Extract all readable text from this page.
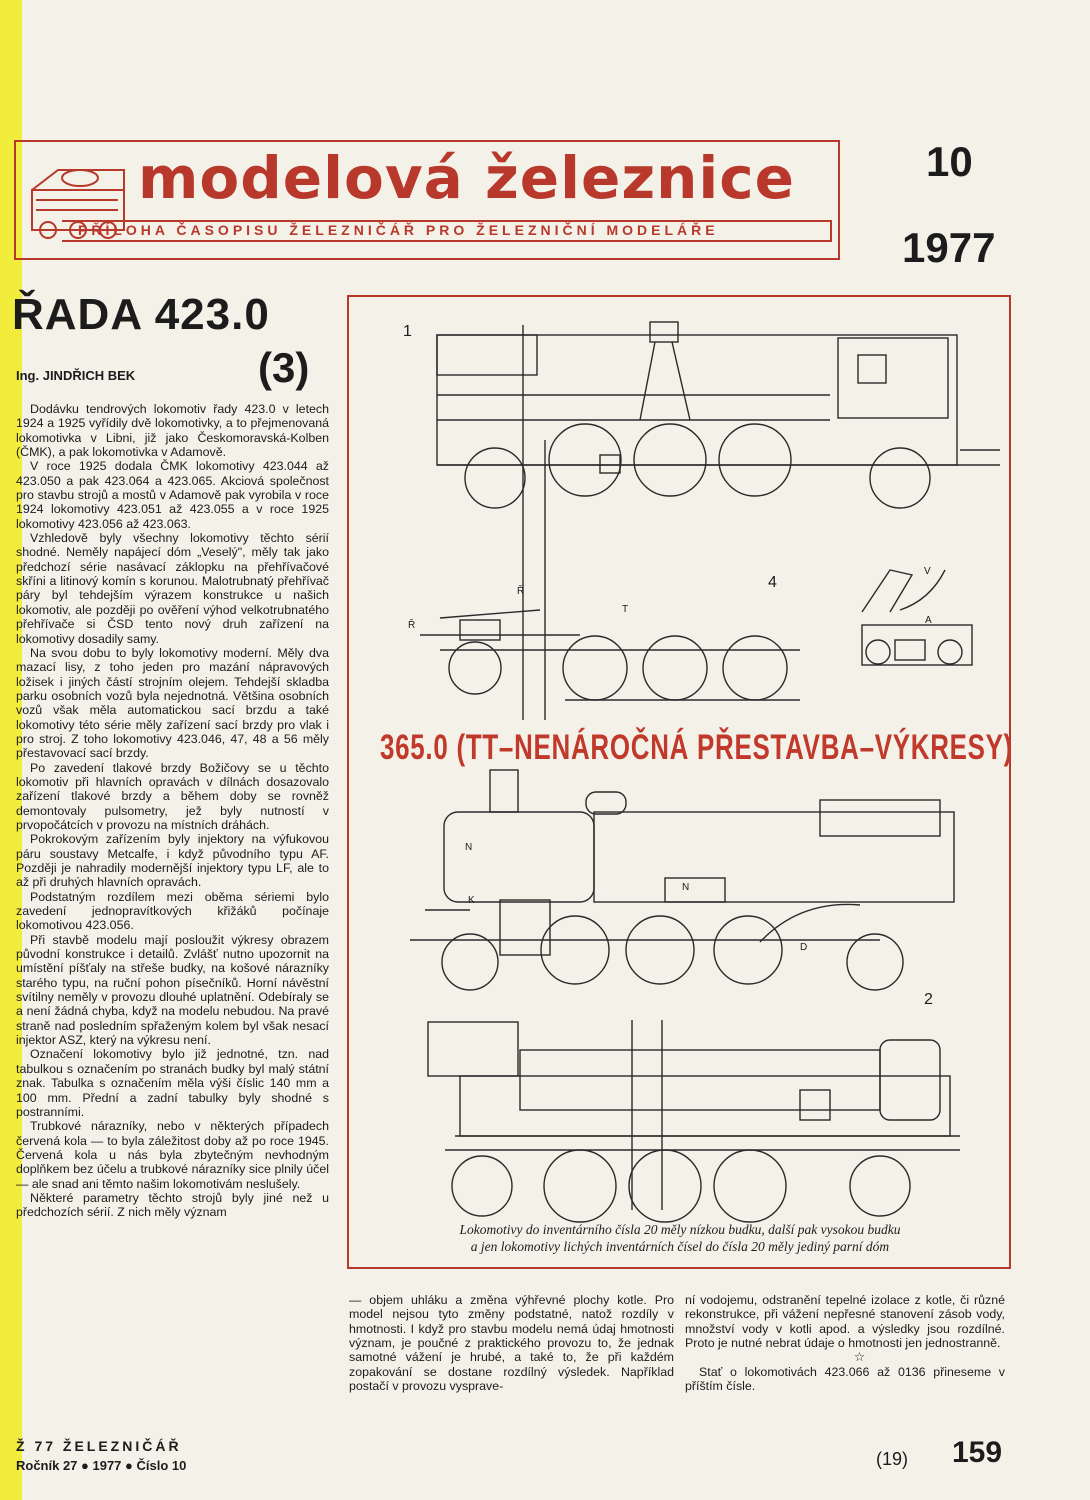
modelová železnice
PŘÍLOHA ČASOPISU ŽELEZNIČÁŘ PRO ŽELEZNIČNÍ MODELÁŘE
10
1977
ŘADA 423.0
(3)
Ing. JINDŘICH BEK

Dodávku tendrových lokomotiv řady 423.0 v letech 1924 a 1925 vyřídily dvě lokomotivky, a to přejmenovaná lokomotivka v Libni, již jako Českomoravská-Kolben (ČMK), a pak lokomotivka v Adamově.

V roce 1925 dodala ČMK lokomotivy 423.044 až 423.050 a pak 423.064 a 423.065. Akciová společnost pro stavbu strojů a mostů v Adamově pak vyrobila v roce 1924 lokomotivy 423.051 až 423.055 a v roce 1925 lokomotivy 423.056 až 423.063.

Vzhledově byly všechny lokomotivy těchto sérií shodné. Neměly napájecí dóm „Veselý", měly tak jako předchozí série nasávací záklopku na přehřívačové skříni a litinový komín s korunou. Malotrubnatý přehřívač páry byl tehdejším výrazem konstrukce u našich lokomotiv, ale později po ověření výhod velkotrubnatého přehřívače si ČSD tento nový druh zařízení na lokomotivy dosadily samy.

Na svou dobu to byly lokomotivy moderní. Měly dva mazací lisy, z toho jeden pro mazání nápravových ložisek i jiných částí strojním olejem. Tehdejší skladba parku osobních vozů byla nejednotná. Většina osobních vozů však měla automatickou sací brzdu a také lokomotivy této série měly zařízení sací brzdy pro vlak i pro stroj. Z toho lokomotivy 423.046, 47, 48 a 56 měly přestavovací sací brzdy.

Po zavedení tlakové brzdy Božičovy se u těchto lokomotiv při hlavních opravách v dílnách dosazovalo zařízení tlakové brzdy a během doby se rovněž demontovaly pulsometry, jež byly nutností v prvopočátcích v provozu na místních dráhách.

Pokrokovým zařízením byly injektory na výfukovou páru soustavy Metcalfe, i když původního typu AF. Později je nahradily modernější injektory typu LF, ale to až při druhých hlavních opravách.

Podstatným rozdílem mezi oběma sériemi bylo zavedení jednopravítkových křižáků počínaje lokomotivou 423.056.

Při stavbě modelu mají posloužit výkresy obrazem původní konstrukce i detailů. Zvlášť nutno upozornit na umístění píšťaly na střeše budky, na košové nárazníky starého typu, na ruční pohon písečníků. Horní návěstní svítilny neměly v provozu dlouhé uplatnění. Odebíraly se a není žádná chyba, když na modelu nebudou. Na pravé straně nad posledním spřaženým kolem byl však nesací injektor ASZ, který na výkresu není.

Označení lokomotivy bylo již jednotné, tzn. nad tabulkou s označením po stranách budky byl malý státní znak. Tabulka s označením měla výši číslic 140 mm a 100 mm. Přední a zadní tabulky byly shodné s postranními.

Trubkové nárazníky, nebo v některých případech červená kola — to byla záležitost doby až po roce 1945. Červená kola u nás byla zbytečným nevhodným doplňkem bez účelu a trubkové nárazníky sice plnily účel — ale snad ani těmto našim lokomotivám neslušely.

Některé parametry těchto strojů byly jiné než u předchozích sérií. Z nich měly význam

1
4
2
Ř
Ř
T
A
V
N
N
D
K
365.0 (TT–NENÁROČNÁ PŘESTAVBA–VÝKRESY)
Lokomotivy do inventárního čísla 20 měly nízkou budku, další pak vysokou budku
a jen lokomotivy lichých inventárních čísel do čísla 20 měly jediný parní dóm
— objem uhláku a změna výhřevné plochy kotle. Pro model nejsou tyto změny podstatné, natož rozdíly v hmotnosti. I když pro stavbu modelu nemá údaj hmotnosti význam, je poučné z praktického provozu to, že jednak samotné vážení je hrubé, a také to, že při každém zopakování se dostane rozdílný výsledek. Například postačí v provozu vysprave-
ní vodojemu, odstranění tepelné izolace z kotle, či různé rekonstrukce, při vážení nepřesné stanovení zásob vody, množství vody v kotli apod. a výsledky jsou rozdílné. Proto je nutné nebrat údaje o hmotnosti jen jednostranně.
☆

Stať o lokomotivách 423.066 až 0136 přineseme v příštím čísle.

Ž 77 ŽELEZNIČÁŘ
Ročník 27 ● 1977 ● Číslo 10	(19) 159
